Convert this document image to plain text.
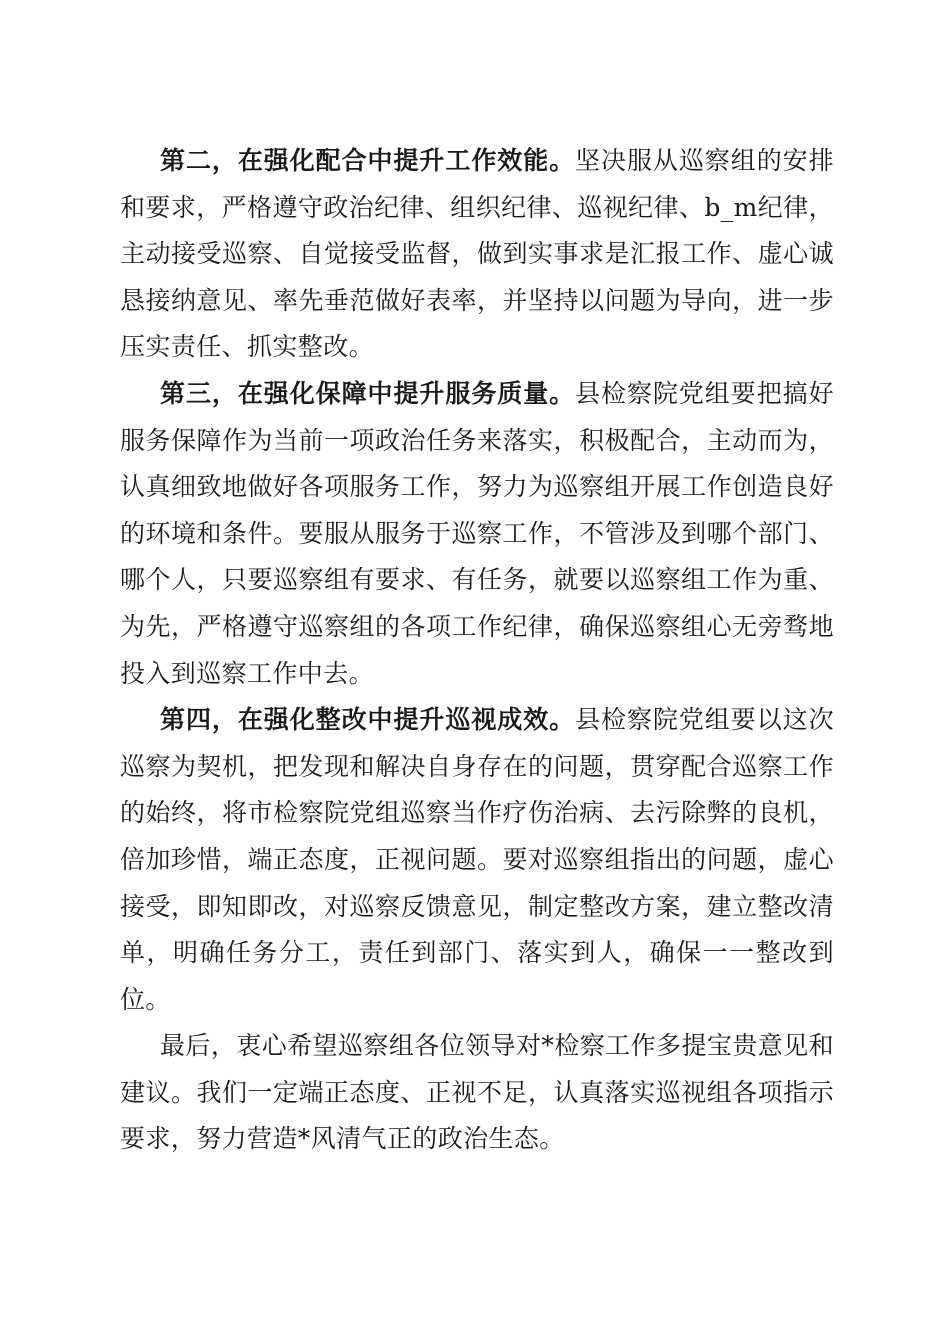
第二，在强化配合中提升工作效能。坚决服从巡察组的安排和要求，严格遵守政治纪律、组织纪律、巡视纪律、b_m纪律，主动接受巡察、自觉接受监督，做到实事求是汇报工作、虚心诚恳接纳意见、率先垂范做好表率，并坚持以问题为导向，进一步压实责任、抓实整改。

第三，在强化保障中提升服务质量。县检察院党组要把搞好服务保障作为当前一项政治任务来落实，积极配合，主动而为，认真细致地做好各项服务工作，努力为巡察组开展工作创造良好的环境和条件。要服从服务于巡察工作，不管涉及到哪个部门、哪个人，只要巡察组有要求、有任务，就要以巡察组工作为重、为先，严格遵守巡察组的各项工作纪律，确保巡察组心无旁骛地投入到巡察工作中去。

第四，在强化整改中提升巡视成效。县检察院党组要以这次巡察为契机，把发现和解决自身存在的问题，贯穿配合巡察工作的始终，将市检察院党组巡察当作疗伤治病、去污除弊的良机，倍加珍惜，端正态度，正视问题。要对巡察组指出的问题，虚心接受，即知即改，对巡察反馈意见，制定整改方案，建立整改清单，明确任务分工，责任到部门、落实到人，确保一一整改到位。

最后，衷心希望巡察组各位领导对*检察工作多提宝贵意见和建议。我们一定端正态度、正视不足，认真落实巡视组各项指示要求，努力营造*风清气正的政治生态。
